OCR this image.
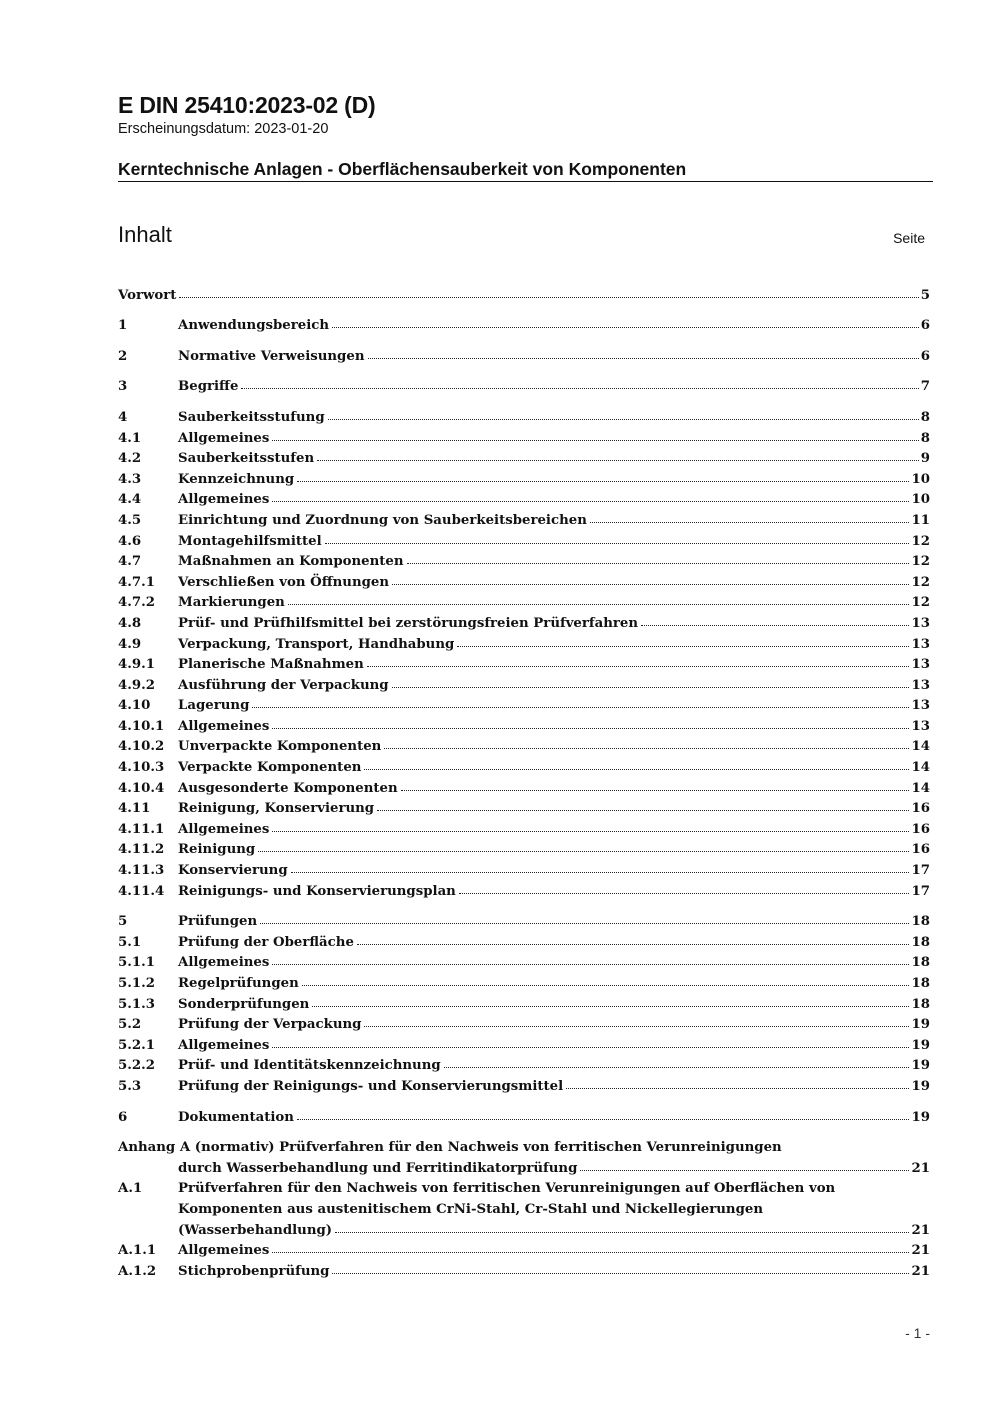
E DIN 25410:2023-02 (D)
Erscheinungsdatum: 2023-01-20
Kerntechnische Anlagen - Oberflächensauberkeit von Komponenten
Inhalt	Seite
Vorwort	5
1	Anwendungsbereich	6
2	Normative Verweisungen	6
3	Begriffe	7
4	Sauberkeitsstufung	8
4.1	Allgemeines	8
4.2	Sauberkeitsstufen	9
4.3	Kennzeichnung	10
4.4	Allgemeines	10
4.5	Einrichtung und Zuordnung von Sauberkeitsbereichen	11
4.6	Montagehilfsmittel	12
4.7	Maßnahmen an Komponenten	12
4.7.1	Verschließen von Öffnungen	12
4.7.2	Markierungen	12
4.8	Prüf- und Prüfhilfsmittel bei zerstörungsfreien Prüfverfahren	13
4.9	Verpackung, Transport, Handhabung	13
4.9.1	Planerische Maßnahmen	13
4.9.2	Ausführung der Verpackung	13
4.10	Lagerung	13
4.10.1	Allgemeines	13
4.10.2	Unverpackte Komponenten	14
4.10.3	Verpackte Komponenten	14
4.10.4	Ausgesonderte Komponenten	14
4.11	Reinigung, Konservierung	16
4.11.1	Allgemeines	16
4.11.2	Reinigung	16
4.11.3	Konservierung	17
4.11.4	Reinigungs- und Konservierungsplan	17
5	Prüfungen	18
5.1	Prüfung der Oberfläche	18
5.1.1	Allgemeines	18
5.1.2	Regelprüfungen	18
5.1.3	Sonderprüfungen	18
5.2	Prüfung der Verpackung	19
5.2.1	Allgemeines	19
5.2.2	Prüf- und Identitätskennzeichnung	19
5.3	Prüfung der Reinigungs- und Konservierungsmittel	19
6	Dokumentation	19
Anhang A (normativ) Prüfverfahren für den Nachweis von ferritischen Verunreinigungen
durch Wasserbehandlung und Ferritindikatorprüfung	21
A.1	Prüfverfahren für den Nachweis von ferritischen Verunreinigungen auf Oberflächen von
Komponenten aus austenitischem CrNi-Stahl, Cr-Stahl und Nickellegierungen
(Wasserbehandlung)	21
A.1.1	Allgemeines	21
A.1.2	Stichprobenprüfung	21
- 1 -
